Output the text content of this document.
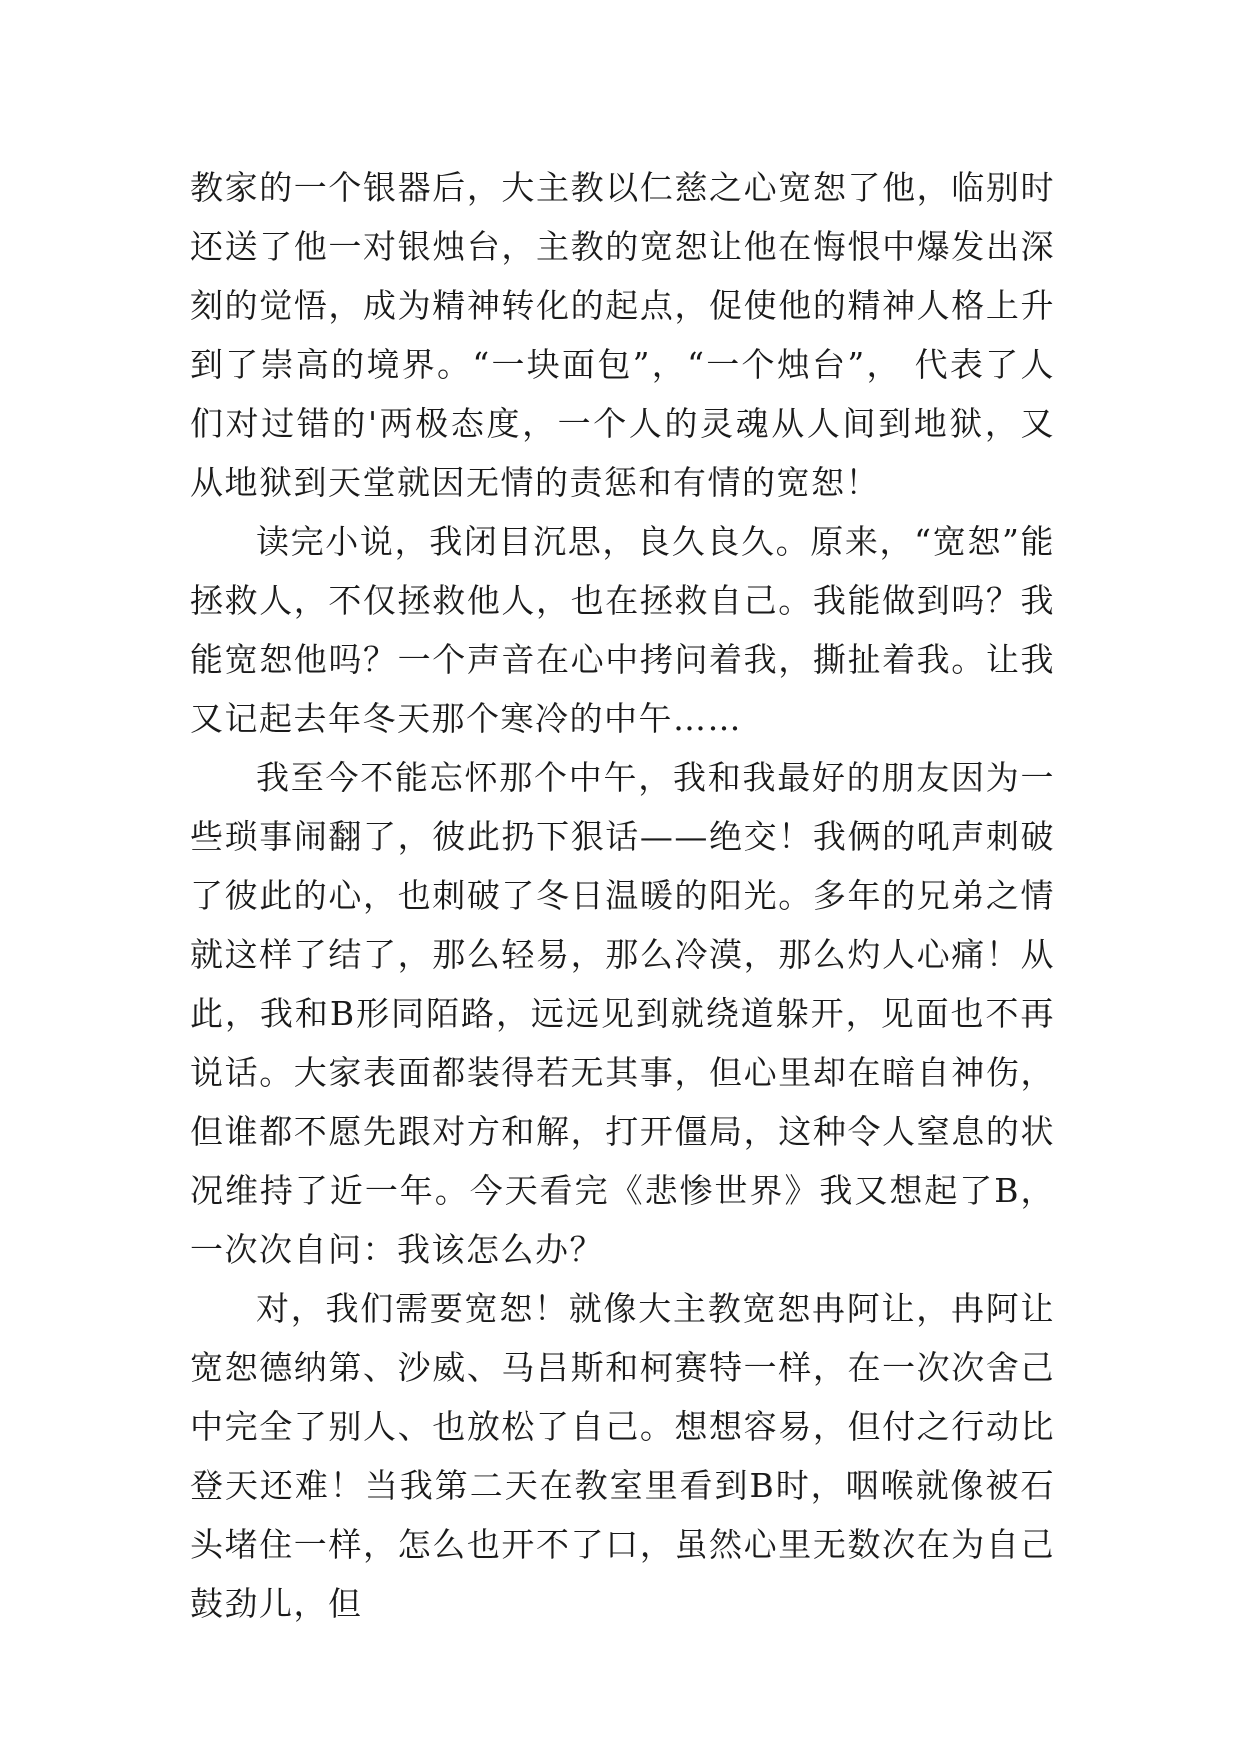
教家的一个银器后，大主教以仁慈之心宽恕了他，临别时还送了他一对银烛台，主教的宽恕让他在悔恨中爆发出深刻的觉悟，成为精神转化的起点，促使他的精神人格上升到了崇高的境界。“一块面包”，“一个烛台”， 代表了人们对过错的'两极态度，一个人的灵魂从人间到地狱，又从地狱到天堂就因无情的责惩和有情的宽恕！

读完小说，我闭目沉思，良久良久。原来，“宽恕”能拯救人，不仅拯救他人，也在拯救自己。我能做到吗？我能宽恕他吗？一个声音在心中拷问着我，撕扯着我。让我又记起去年冬天那个寒冷的中午……

我至今不能忘怀那个中午，我和我最好的朋友因为一些琐事闹翻了，彼此扔下狠话——绝交！我俩的吼声刺破了彼此的心，也刺破了冬日温暖的阳光。多年的兄弟之情就这样了结了，那么轻易，那么冷漠，那么灼人心痛！从此，我和B形同陌路，远远见到就绕道躲开，见面也不再说话。大家表面都装得若无其事，但心里却在暗自神伤，但谁都不愿先跟对方和解，打开僵局，这种令人窒息的状况维持了近一年。今天看完《悲惨世界》我又想起了B，一次次自问：我该怎么办？

对，我们需要宽恕！就像大主教宽恕冉阿让，冉阿让宽恕德纳第、沙威、马吕斯和柯赛特一样，在一次次舍己中完全了别人、也放松了自己。想想容易，但付之行动比登天还难！当我第二天在教室里看到B时，咽喉就像被石头堵住一样，怎么也开不了口，虽然心里无数次在为自己鼓劲儿，但
